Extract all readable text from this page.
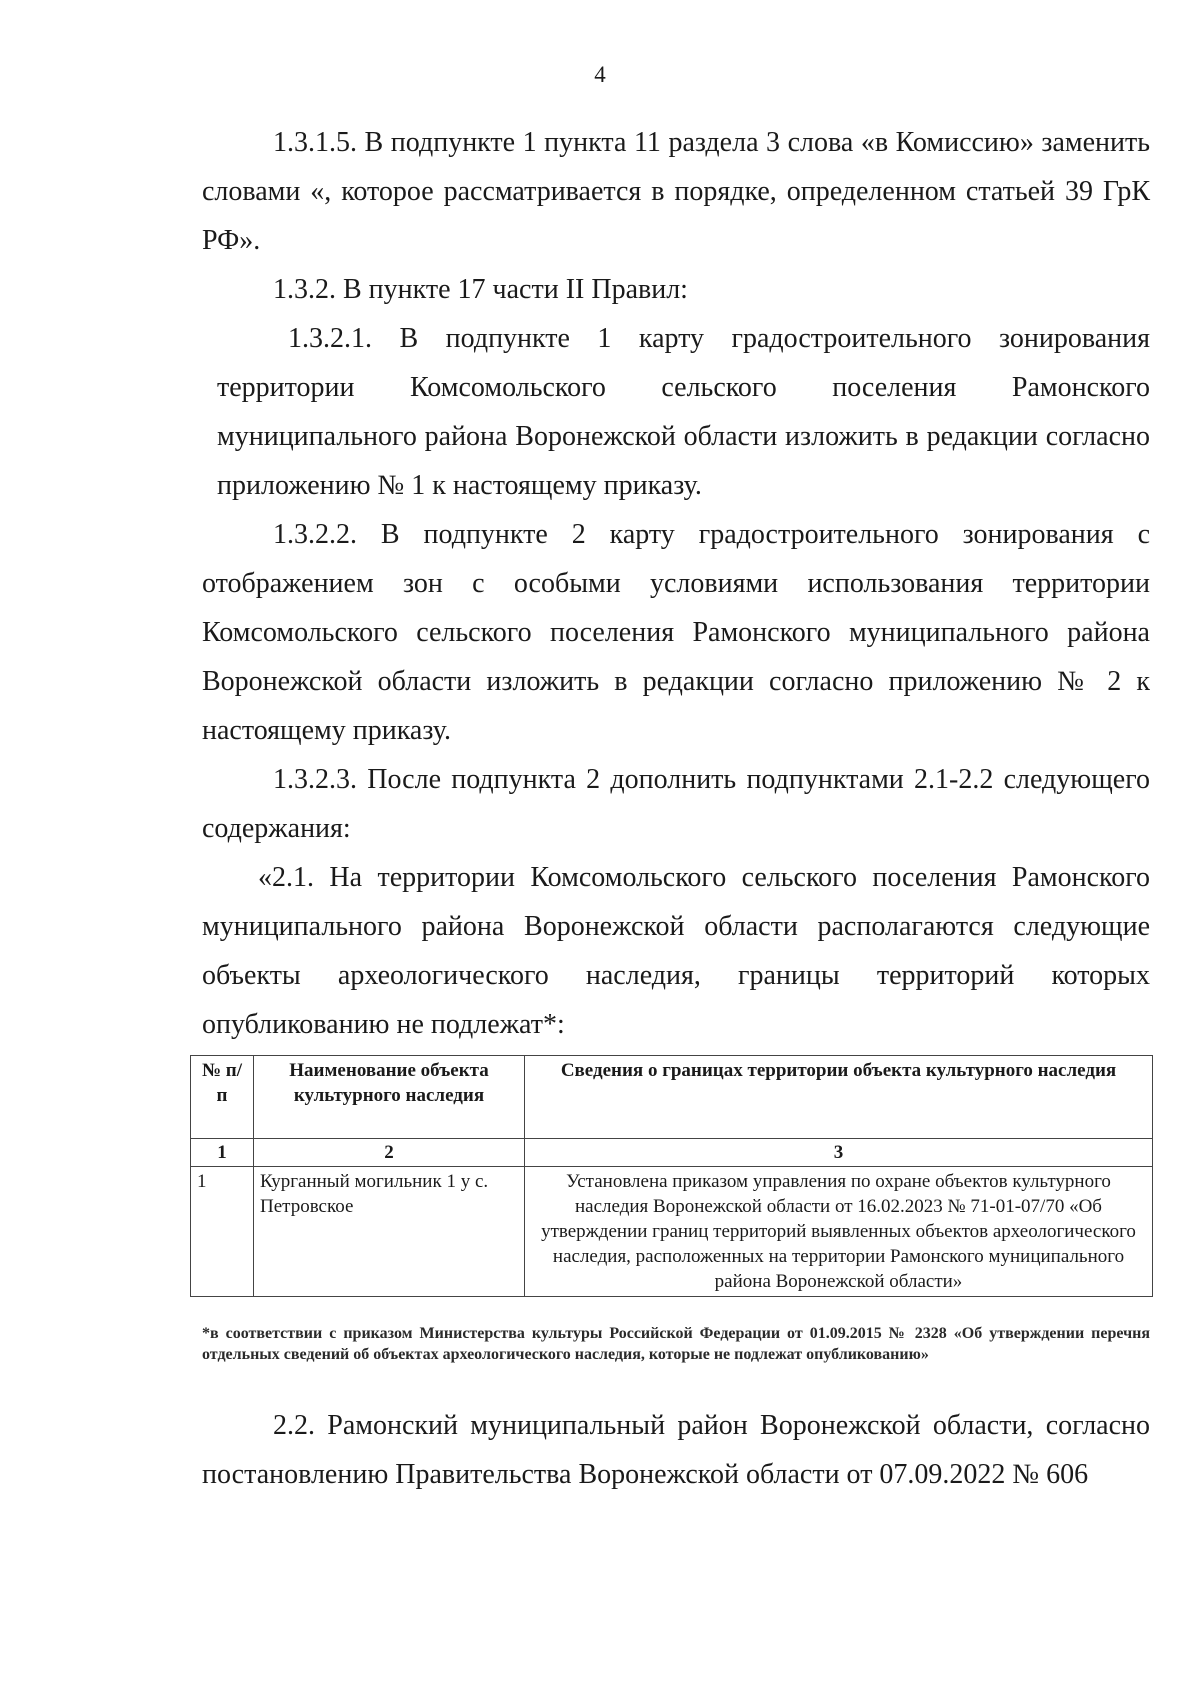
4

1.3.1.5. В подпункте 1 пункта 11 раздела 3 слова «в Комиссию» заменить словами «, которое рассматривается в порядке, определенном статьей 39 ГрК РФ».

1.3.2. В пункте 17 части II Правил:

1.3.2.1. В подпункте 1 карту градостроительного зонирования территории Комсомольского сельского поселения Рамонского муниципального района Воронежской области изложить в редакции согласно приложению № 1 к настоящему приказу.

1.3.2.2. В подпункте 2 карту градостроительного зонирования с отображением зон с особыми условиями использования территории Комсомольского сельского поселения Рамонского муниципального района Воронежской области изложить в редакции согласно приложению № 2 к настоящему приказу.

1.3.2.3. После подпункта 2 дополнить подпунктами 2.1-2.2 следующего содержания:

«2.1. На территории Комсомольского сельского поселения Рамонского муниципального района Воронежской области располагаются следующие объекты археологического наследия, границы территорий которых опубликованию не подлежат*:

№ п/п	Наименование объекта культурного наследия	Сведения о границах территории объекта культурного наследия
1	2	3
1	Курганный могильник 1 у с. Петровское	Установлена приказом управления по охране объектов культурного наследия Воронежской области от 16.02.2023 № 71-01-07/70 «Об утверждении границ территорий выявленных объектов археологического наследия, расположенных на территории Рамонского муниципального района Воронежской области»

*в соответствии с приказом Министерства культуры Российской Федерации от 01.09.2015 № 2328 «Об утверждении перечня отдельных сведений об объектах археологического наследия, которые не подлежат опубликованию»

2.2. Рамонский муниципальный район Воронежской области, согласно постановлению Правительства Воронежской области от 07.09.2022 № 606
